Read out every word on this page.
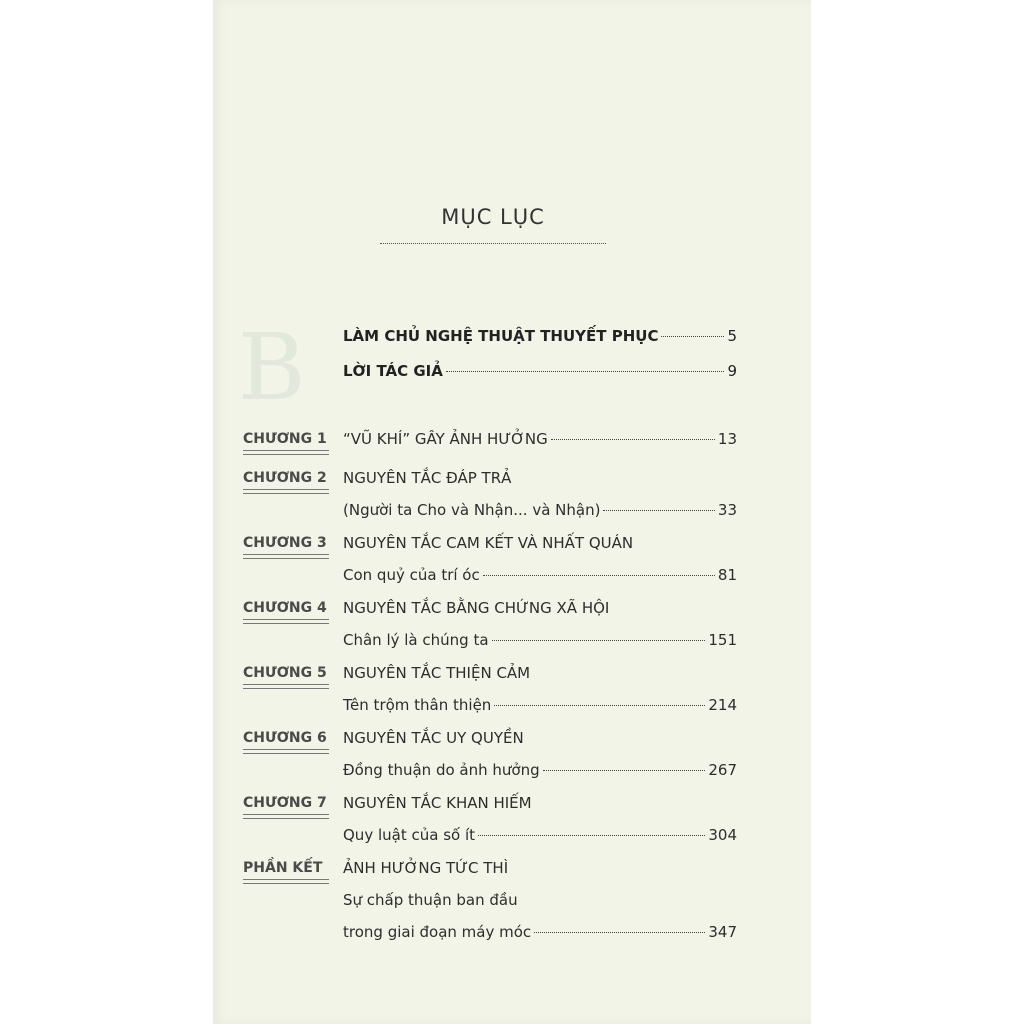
B
MỤC LỤC
LÀM CHỦ NGHỆ THUẬT THUYẾT PHỤC	5
LỜI TÁC GIẢ	9
CHƯƠNG 1 “VŨ KHÍ” GÂY ẢNH HƯỞNG	13
CHƯƠNG 2 NGUYÊN TẮC ĐÁP TRẢ
(Người ta Cho và Nhận... và Nhận)	33
CHƯƠNG 3 NGUYÊN TẮC CAM KẾT VÀ NHẤT QUÁN
Con quỷ của trí óc	81
CHƯƠNG 4 NGUYÊN TẮC BẰNG CHỨNG XÃ HỘI
Chân lý là chúng ta	151
CHƯƠNG 5 NGUYÊN TẮC THIỆN CẢM
Tên trộm thân thiện	214
CHƯƠNG 6 NGUYÊN TẮC UY QUYỀN
Đồng thuận do ảnh hưởng	267
CHƯƠNG 7 NGUYÊN TẮC KHAN HIẾM
Quy luật của số ít	304
PHẦN KẾT	ẢNH HƯỞNG TỨC THÌ
Sự chấp thuận ban đầu
trong giai đoạn máy móc	347
